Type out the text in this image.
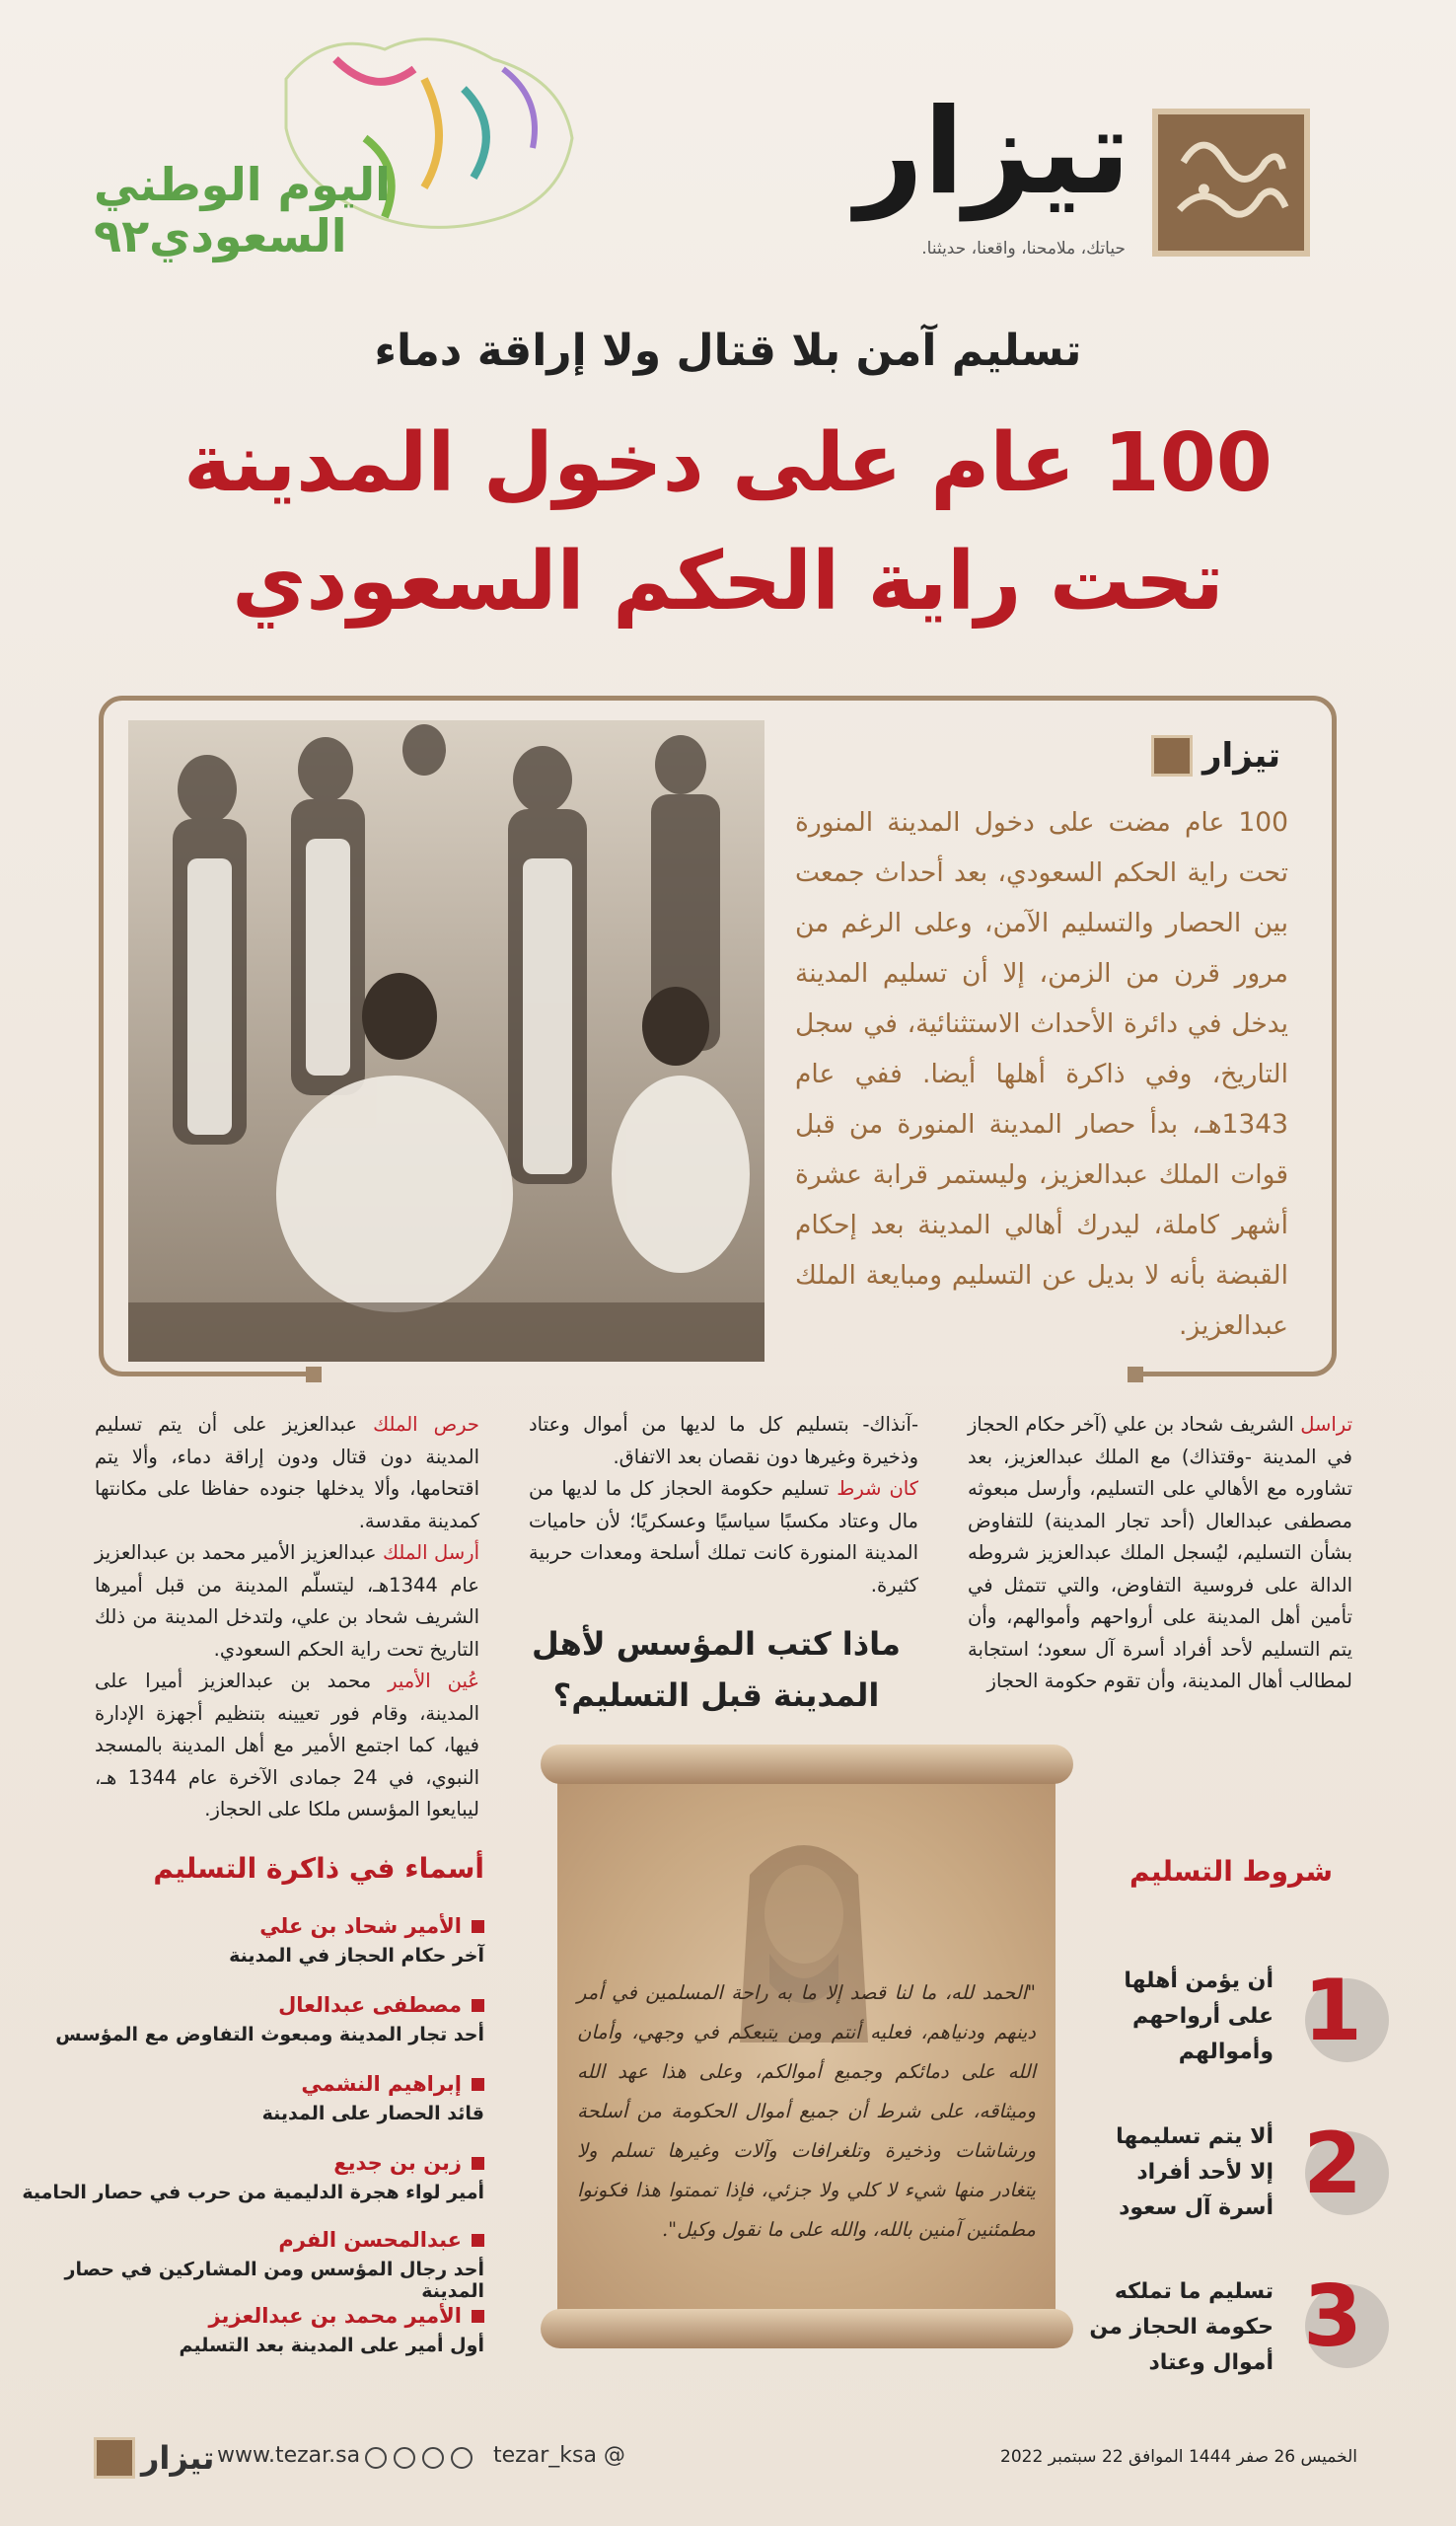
تيزار
حياتك، ملامحنا، واقعنا، حديثنا.
اليوم الوطني
السعودي٩٢
تسليم آمن بلا قتال ولا إراقة دماء
100 عام على دخول المدينة
تحت راية الحكم السعودي
تيزار
100 عام مضت على دخول المدينة المنورة تحت راية الحكم السعودي، بعد أحداث جمعت بين الحصار والتسليم الآمن، وعلى الرغم من مرور قرن من الزمن، إلا أن تسليم المدينة يدخل في دائرة الأحداث الاستثنائية، في سجل التاريخ، وفي ذاكرة أهلها أيضا. ففي عام 1343هـ، بدأ حصار المدينة المنورة من قبل قوات الملك عبدالعزيز، وليستمر قرابة عشرة أشهر كاملة، ليدرك أهالي المدينة بعد إحكام القبضة بأنه لا بديل عن التسليم ومبايعة الملك عبدالعزيز.
تراسل الشريف شحاد بن علي (آخر حكام الحجاز في المدينة -وقتذاك) مع الملك عبدالعزيز، بعد تشاوره مع الأهالي على التسليم، وأرسل مبعوثه مصطفى عبدالعال (أحد تجار المدينة) للتفاوض بشأن التسليم، ليُسجل الملك عبدالعزيز شروطه الدالة على فروسية التفاوض، والتي تتمثل في تأمين أهل المدينة على أرواحهم وأموالهم، وأن يتم التسليم لأحد أفراد أسرة آل سعود؛ استجابة لمطالب أهال المدينة، وأن تقوم حكومة الحجاز
-آنذاك- بتسليم كل ما لديها من أموال وعتاد وذخيرة وغيرها دون نقصان بعد الاتفاق.
كان شرط تسليم حكومة الحجاز كل ما لديها من مال وعتاد مكسبًا سياسيًا وعسكريًا؛ لأن حاميات المدينة المنورة كانت تملك أسلحة ومعدات حربية كثيرة.
حرص الملك عبدالعزيز على أن يتم تسليم المدينة دون قتال ودون إراقة دماء، وألا يتم اقتحامها، وألا يدخلها جنوده حفاظا على مكانتها كمدينة مقدسة.
أرسل الملك عبدالعزيز الأمير محمد بن عبدالعزيز عام 1344هـ، ليتسلّم المدينة من قبل أميرها الشريف شحاد بن علي، ولتدخل المدينة من ذلك التاريخ تحت راية الحكم السعودي.
عُين الأمير محمد بن عبدالعزيز أميرا على المدينة، وقام فور تعيينه بتنظيم أجهزة الإدارة فيها، كما اجتمع الأمير مع أهل المدينة بالمسجد النبوي، في 24 جمادى الآخرة عام 1344 هـ، ليبايعوا المؤسس ملكا على الحجاز.
ماذا كتب المؤسس لأهل
المدينة قبل التسليم؟
"الحمد لله، ما لنا قصد إلا ما به راحة المسلمين في أمر دينهم ودنياهم، فعليه أنتم ومن يتبعكم في وجهي، وأمان الله على دمائكم وجميع أموالكم، وعلى هذا عهد الله وميثاقه، على شرط أن جميع أموال الحكومة من أسلحة ورشاشات وذخيرة وتلغرافات وآلات وغيرها تسلم ولا يتغادر منها شيء لا كلي ولا جزئي، فإذا تممتوا هذا فكونوا مطمئنين آمنين بالله، والله على ما نقول وكيل".
شروط التسليم
1
أن يؤمن أهلها
على أرواحهم
وأموالهم
2
ألا يتم تسليمها
إلا لأحد أفراد
أسرة آل سعود
3
تسليم ما تملكه
حكومة الحجاز من
أموال وعتاد
أسماء في ذاكرة التسليم
الأمير شحاد بن علي
آخر حكام الحجاز في المدينة
مصطفى عبدالعال
أحد تجار المدينة ومبعوث التفاوض مع المؤسس
إبراهيم النشمي
قائد الحصار على المدينة
زبن بن جديع
أمير لواء هجرة الدليمية من حرب في حصار الحامية
عبدالمحسن الفرم
أحد رجال المؤسس ومن المشاركين في حصار المدينة
الأمير محمد بن عبدالعزيز
أول أمير على المدينة بعد التسليم
الخميس 26 صفر 1444 الموافق 22 سبتمبر 2022
@ tezar_ksa
www.tezar.sa
تيزار
